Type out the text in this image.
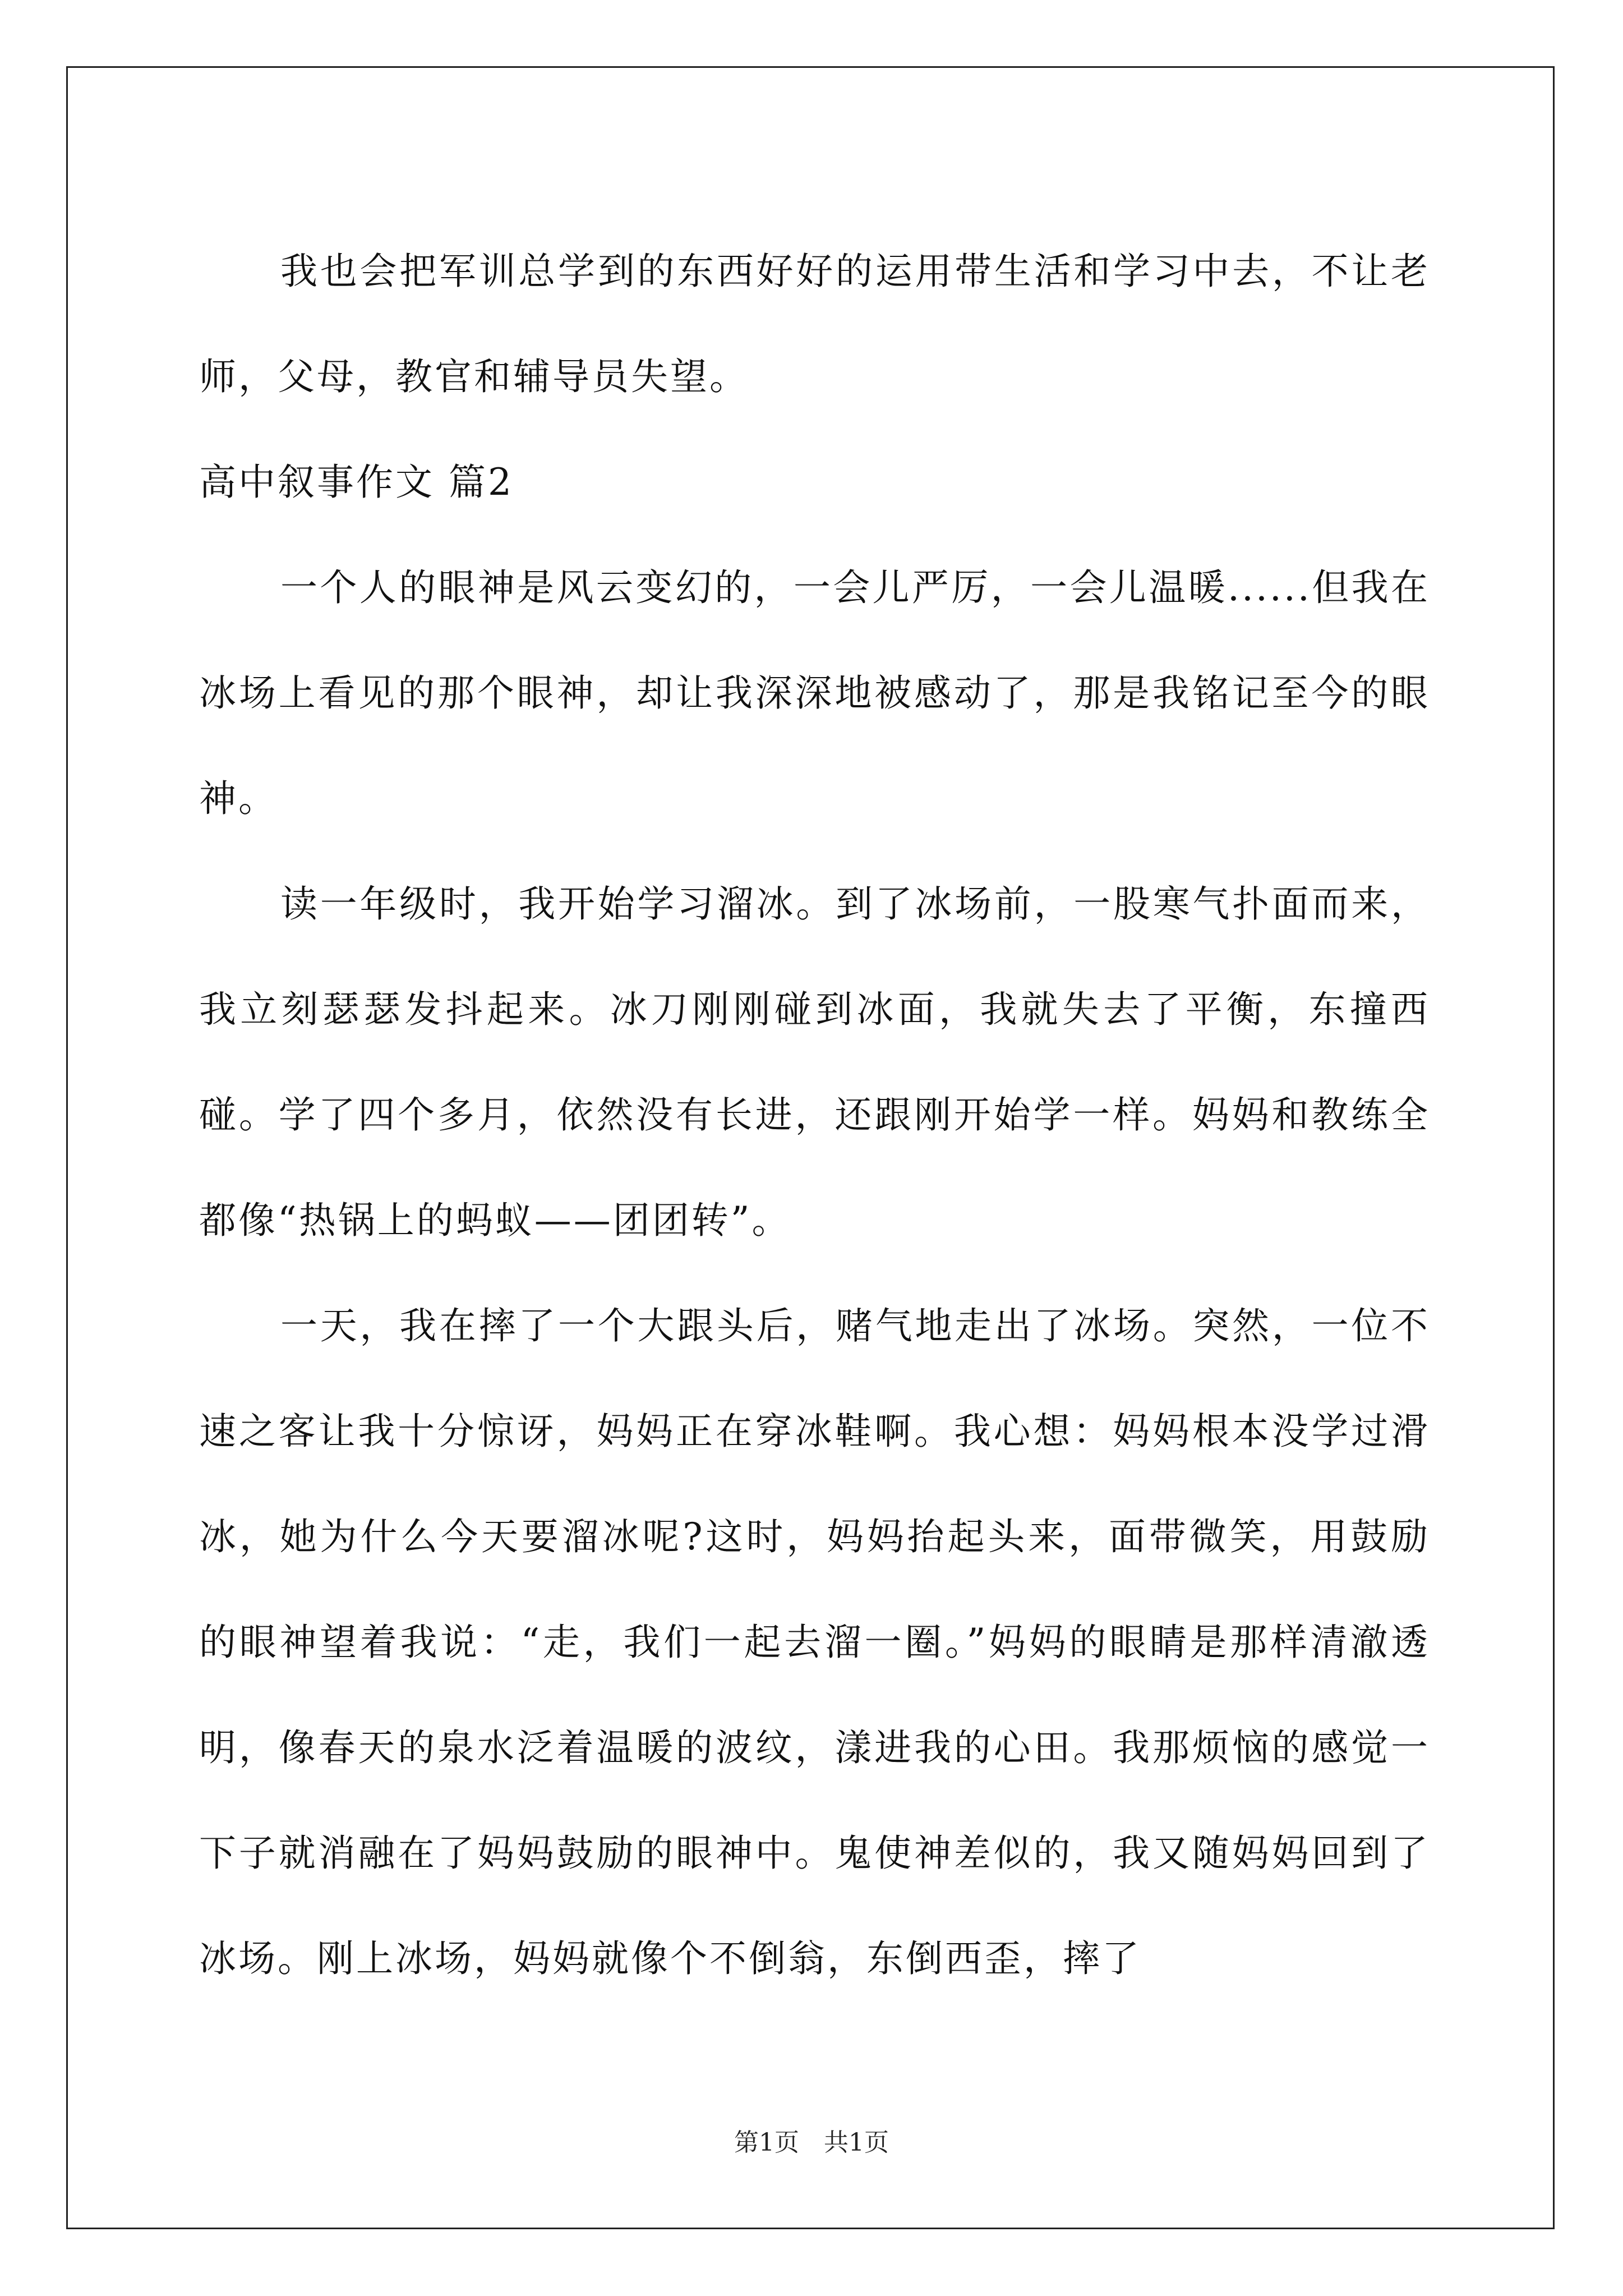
我也会把军训总学到的东西好好的运用带生活和学习中去，不让老师，父母，教官和辅导员失望。

高中叙事作文 篇2

一个人的眼神是风云变幻的，一会儿严厉，一会儿温暖......但我在冰场上看见的那个眼神，却让我深深地被感动了，那是我铭记至今的眼神。

读一年级时，我开始学习溜冰。到了冰场前，一股寒气扑面而来，我立刻瑟瑟发抖起来。冰刀刚刚碰到冰面，我就失去了平衡，东撞西碰。学了四个多月，依然没有长进，还跟刚开始学一样。妈妈和教练全都像“热锅上的蚂蚁——团团转”。

一天，我在摔了一个大跟头后，赌气地走出了冰场。突然，一位不速之客让我十分惊讶，妈妈正在穿冰鞋啊。我心想：妈妈根本没学过滑冰，她为什么今天要溜冰呢?这时，妈妈抬起头来，面带微笑，用鼓励的眼神望着我说：“走，我们一起去溜一圈。”妈妈的眼睛是那样清澈透明，像春天的泉水泛着温暖的波纹，漾进我的心田。我那烦恼的感觉一下子就消融在了妈妈鼓励的眼神中。鬼使神差似的，我又随妈妈回到了冰场。刚上冰场，妈妈就像个不倒翁，东倒西歪，摔了

第1页　共1页
